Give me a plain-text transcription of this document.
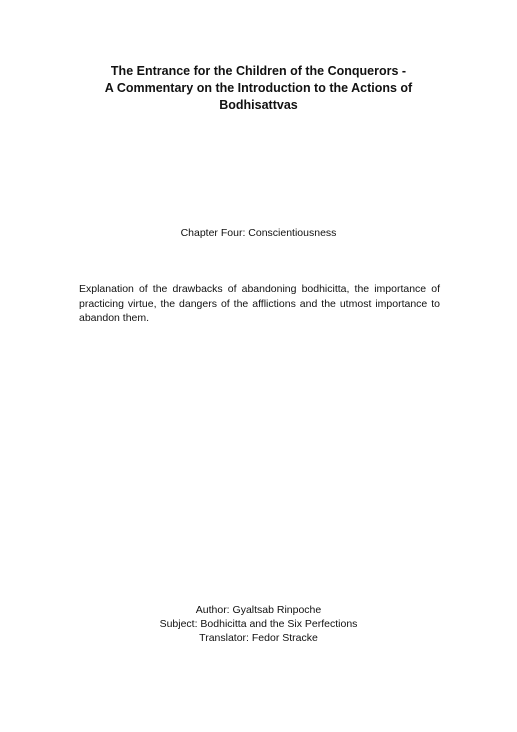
The Entrance for the Children of the Conquerors -
A Commentary on the Introduction to the Actions of
Bodhisattvas
Chapter Four: Conscientiousness
Explanation of the drawbacks of abandoning bodhicitta, the importance of practicing virtue, the dangers of the afflictions and the utmost importance to abandon them.
Author: Gyaltsab Rinpoche
Subject: Bodhicitta and the Six Perfections
Translator: Fedor Stracke
